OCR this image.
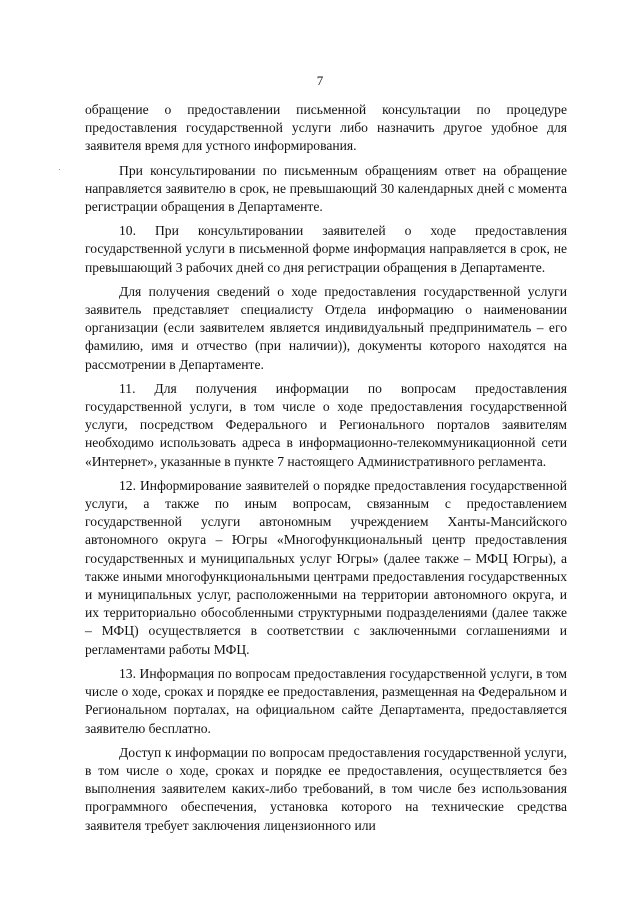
7

обращение о предоставлении письменной консультации по процедуре предоставления государственной услуги либо назначить другое удобное для заявителя время для устного информирования.

При консультировании по письменным обращениям ответ на обращение направляется заявителю в срок, не превышающий 30 календарных дней с момента регистрации обращения в Департаменте.

10. При консультировании заявителей о ходе предоставления государственной услуги в письменной форме информация направляется в срок, не превышающий 3 рабочих дней со дня регистрации обращения в Департаменте.

Для получения сведений о ходе предоставления государственной услуги заявитель представляет специалисту Отдела информацию о наименовании организации (если заявителем является индивидуальный предприниматель – его фамилию, имя и отчество (при наличии)), документы которого находятся на рассмотрении в Департаменте.

11. Для получения информации по вопросам предоставления государственной услуги, в том числе о ходе предоставления государственной услуги, посредством Федерального и Регионального порталов заявителям необходимо использовать адреса в информационно-телекоммуникационной сети «Интернет», указанные в пункте 7 настоящего Административного регламента.

12. Информирование заявителей о порядке предоставления государственной услуги, а также по иным вопросам, связанным с предоставлением государственной услуги автономным учреждением Ханты-Мансийского автономного округа – Югры «Многофункциональный центр предоставления государственных и муниципальных услуг Югры» (далее также – МФЦ Югры), а также иными многофункциональными центрами предоставления государственных и муниципальных услуг, расположенными на территории автономного округа, и их территориально обособленными структурными подразделениями (далее также – МФЦ) осуществляется в соответствии с заключенными соглашениями и регламентами работы МФЦ.

13. Информация по вопросам предоставления государственной услуги, в том числе о ходе, сроках и порядке ее предоставления, размещенная на Федеральном и Региональном порталах, на официальном сайте Департамента, предоставляется заявителю бесплатно.

Доступ к информации по вопросам предоставления государственной услуги, в том числе о ходе, сроках и порядке ее предоставления, осуществляется без выполнения заявителем каких-либо требований, в том числе без использования программного обеспечения, установка которого на технические средства заявителя требует заключения лицензионного или
